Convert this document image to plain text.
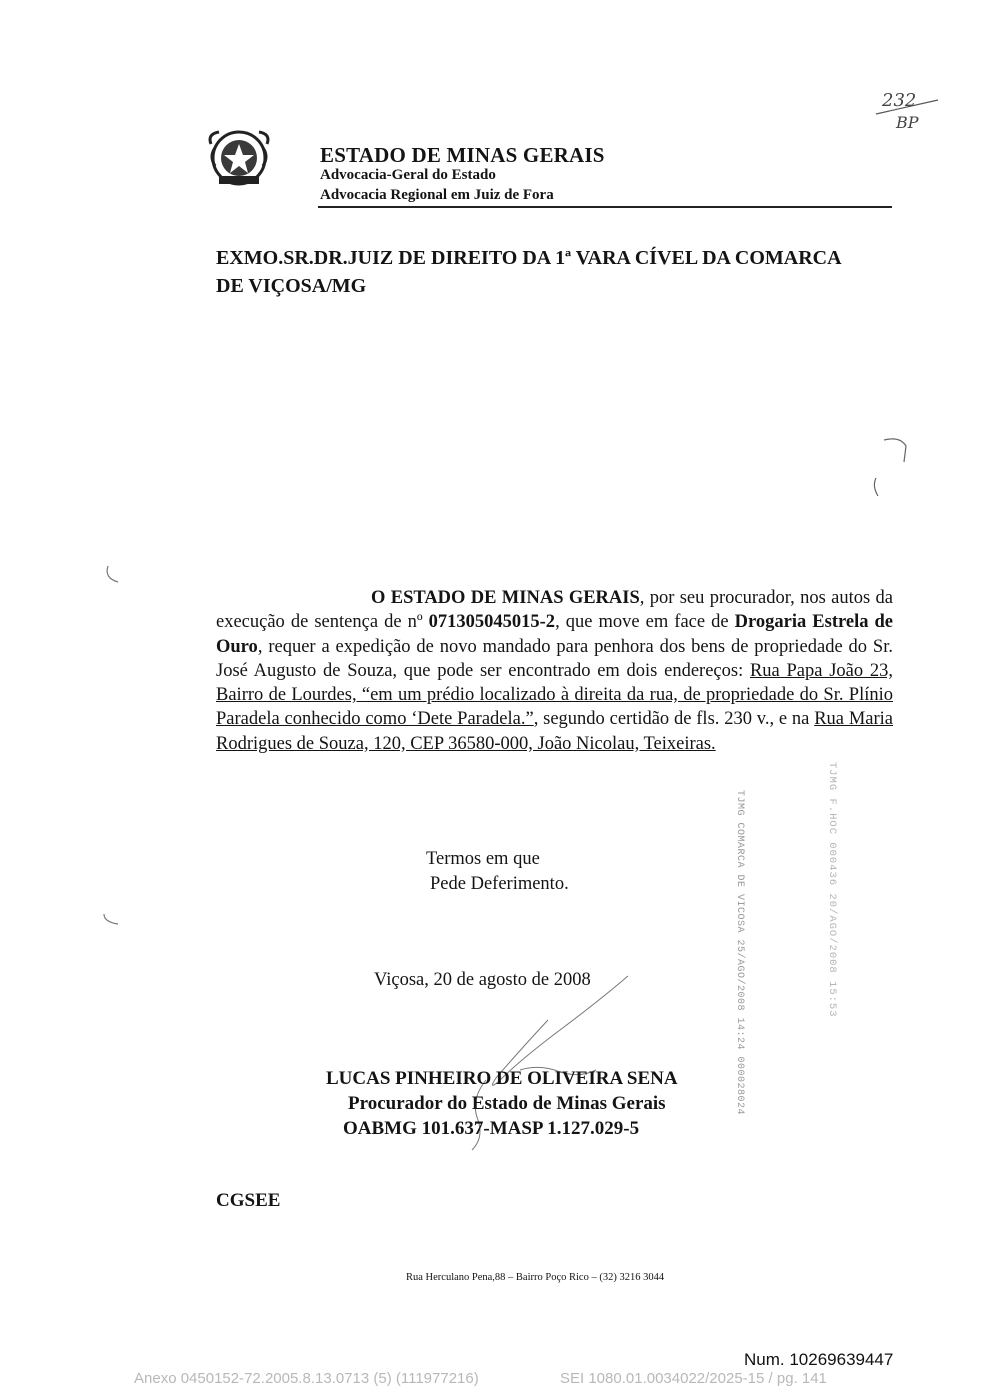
ESTADO DE MINAS GERAIS
Advocacia-Geral do Estado
Advocacia Regional em Juiz de Fora
232
BP
EXMO.SR.DR.JUIZ DE DIREITO DA 1ª VARA CÍVEL DA COMARCA
DE VIÇOSA/MG
O ESTADO DE MINAS GERAIS, por seu procurador, nos autos da execução de sentença de nº 071305045015-2, que move em face de Drogaria Estrela de Ouro, requer a expedição de novo mandado para penhora dos bens de propriedade do Sr. José Augusto de Souza, que pode ser encontrado em dois endereços: Rua Papa João 23, Bairro de Lourdes, “em um prédio localizado à direita da rua, de propriedade do Sr. Plínio Paradela conhecido como ‘Dete Paradela.”, segundo certidão de fls. 230 v., e na Rua Maria Rodrigues de Souza, 120, CEP 36580-000, João Nicolau, Teixeiras.
Termos em que
Pede Deferimento.
Viçosa, 20 de agosto de 2008
LUCAS PINHEIRO DE OLIVEIRA SENA
Procurador do Estado de Minas Gerais
OABMG 101.637-MASP 1.127.029-5
CGSEE
Rua Herculano Pena,88 – Bairro Poço Rico – (32) 3216 3044
TJMG COMARCA DE VICOSA 25/AGO/2008 14:24 000028024	TJMG F.HOC 000436 20/AGO/2008 15:53
Num. 10269639447
Anexo 0450152-72.2005.8.13.0713 (5) (111977216)	SEI 1080.01.0034022/2025-15 / pg. 141
